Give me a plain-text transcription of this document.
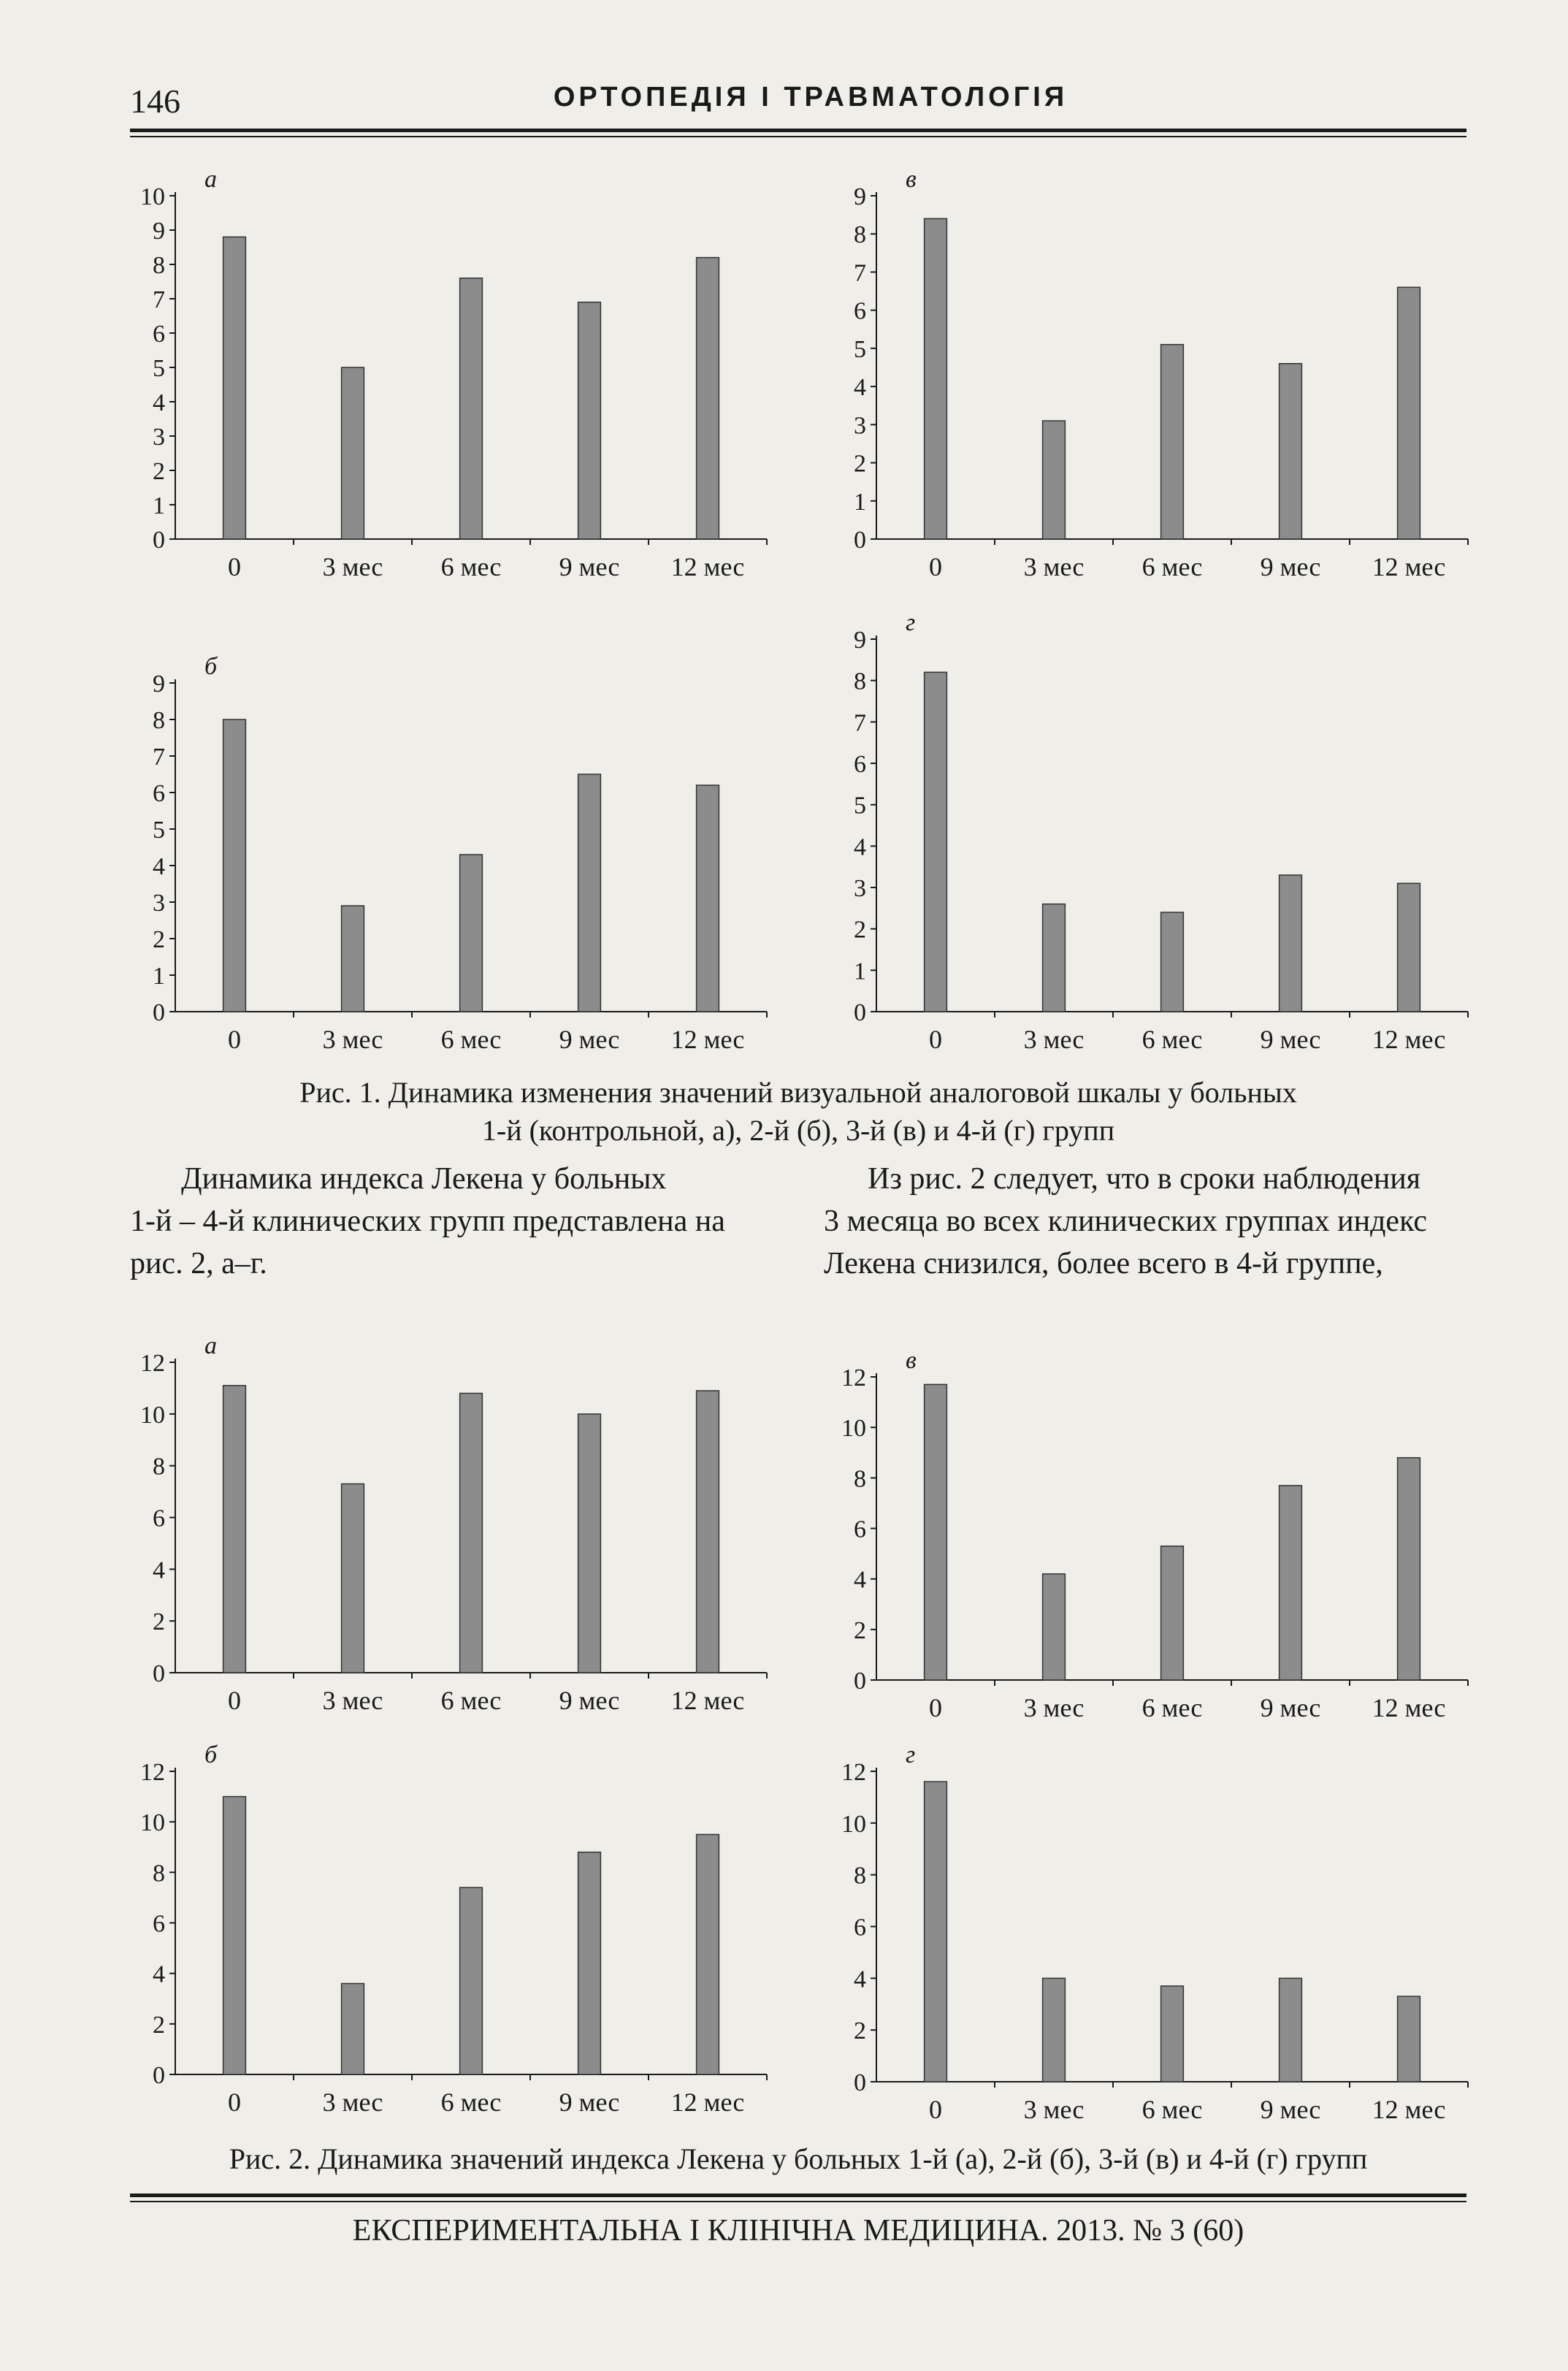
146	ОРТОПЕДІЯ І ТРАВМАТОЛОГІЯ
а
0
1
2
3
4
5
6
7
8
9
10
0	3 мес 6 мес 9 мес 12 мес
в
0
1
2
3
4
5
6
7
8
9
0	3 мес 6 мес 9 мес 12 мес
б
0
1
2
3
4
5
6
7
8
9
0	3 мес 6 мес 9 мес 12 мес
г
0
1
2
3
4
5
6
7
8
9
0	3 мес 6 мес 9 мес 12 мес
Рис. 1. Динамика изменения значений визуальной аналоговой шкалы у больных
1-й (контрольной, а), 2-й (б), 3-й (в) и 4-й (г) групп
Динамика индекса Лекена у больных
1-й – 4-й клинических групп представлена на
рис. 2, а–г.
Из рис. 2 следует, что в сроки наблюдения
3 месяца во всех клинических группах индекс
Лекена снизился, более всего в 4-й группе,
а
0
2
4
6
8
10
12
0	3 мес 6 мес 9 мес 12 мес
в
0
2
4
6
8
10
12
0	3 мес 6 мес 9 мес 12 мес
б
0
2
4
6
8
10
12
0	3 мес 6 мес 9 мес 12 мес
г
0
2
4
6
8
10
12
0	3 мес 6 мес 9 мес 12 мес
Рис. 2. Динамика значений индекса Лекена у больных 1-й (а), 2-й (б), 3-й (в) и 4-й (г) групп
ЕКСПЕРИМЕНТАЛЬНА І КЛІНІЧНА МЕДИЦИНА. 2013. № 3 (60)
